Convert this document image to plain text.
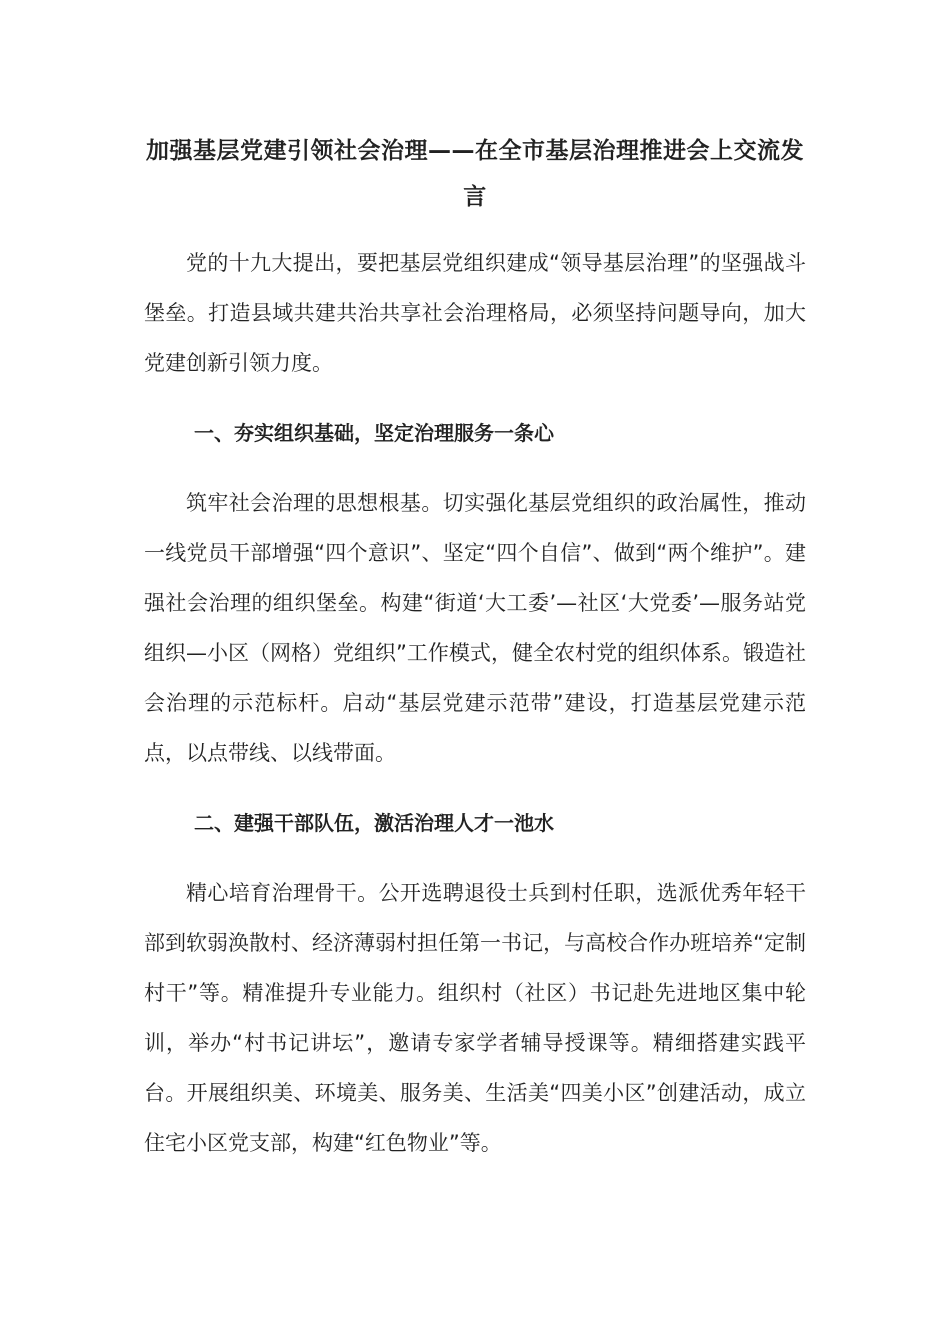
加强基层党建引领社会治理——在全市基层治理推进会上交流发言

党的十九大提出，要把基层党组织建成“领导基层治理”的坚强战斗堡垒。打造县域共建共治共享社会治理格局，必须坚持问题导向，加大党建创新引领力度。

一、夯实组织基础，坚定治理服务一条心

筑牢社会治理的思想根基。切实强化基层党组织的政治属性，推动一线党员干部增强“四个意识”、坚定“四个自信”、做到“两个维护”。建强社会治理的组织堡垒。构建“街道‘大工委’—社区‘大党委’—服务站党组织—小区（网格）党组织”工作模式，健全农村党的组织体系。锻造社会治理的示范标杆。启动“基层党建示范带”建设，打造基层党建示范点，以点带线、以线带面。

二、建强干部队伍，激活治理人才一池水

精心培育治理骨干。公开选聘退役士兵到村任职，选派优秀年轻干部到软弱涣散村、经济薄弱村担任第一书记，与高校合作办班培养“定制村干”等。精准提升专业能力。组织村（社区）书记赴先进地区集中轮训，举办“村书记讲坛”，邀请专家学者辅导授课等。精细搭建实践平台。开展组织美、环境美、服务美、生活美“四美小区”创建活动，成立住宅小区党支部，构建“红色物业”等。
